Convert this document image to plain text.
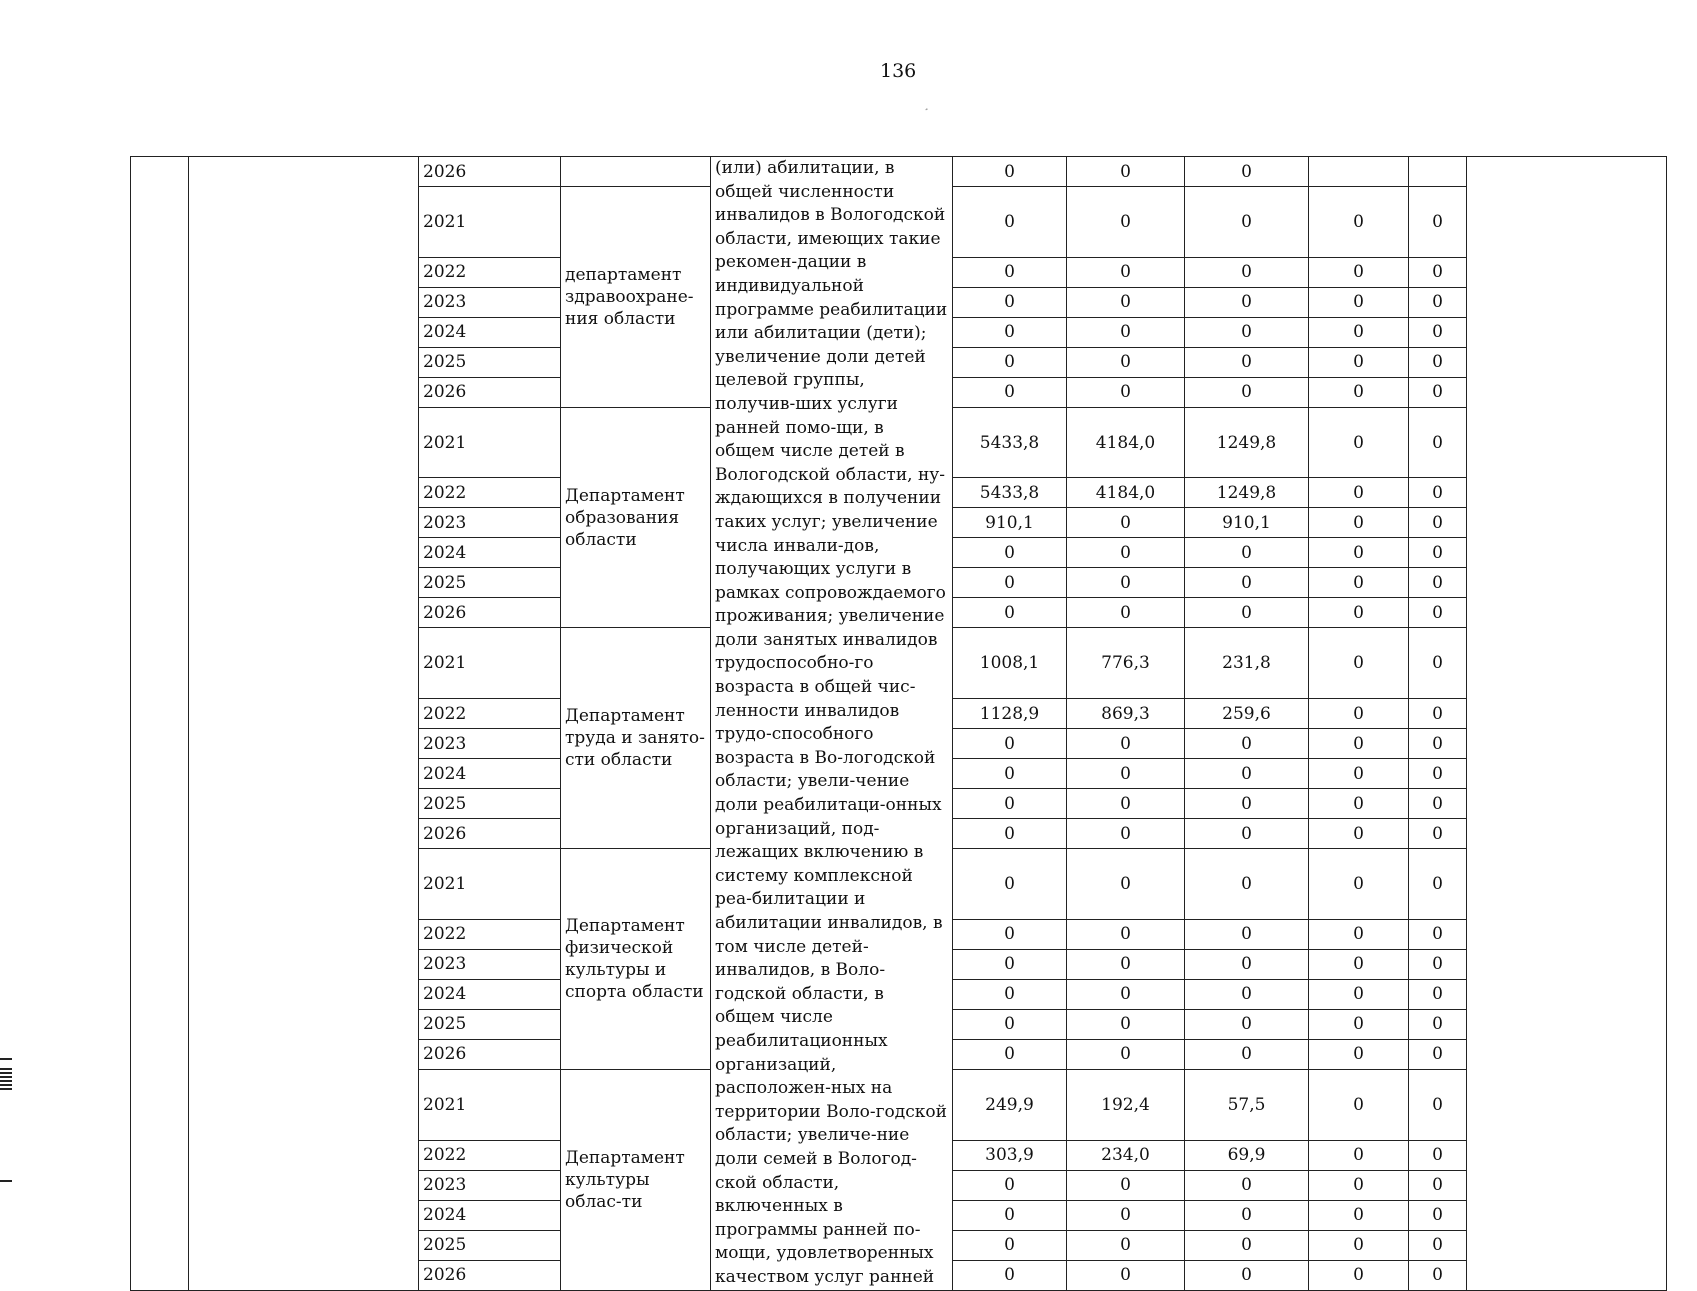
136
¸
		2026		(или) абилитации, в общей численности инвалидов в Вологодской области, имеющих такие рекомен-дации в индивидуальной программе реабилитации или абилитации (дети); увеличение доли детей целевой группы, получив-ших услуги ранней помо-щи, в общем числе детей в Вологодской области, ну-ждающихся в получении таких услуг; увеличение числа инвали-дов, получающих услуги в рамках сопровождаемого проживания; увеличение доли занятых инвалидов трудоспособно-го возраста в общей чис-ленности инвалидов трудо-способного возраста в Во-логодской области; увели-чение доли реабилитаци-онных организаций, под-лежащих включению в систему комплексной реа-билитации и абилитации инвалидов, в том числе детей-инвалидов, в Воло-годской области, в общем числе реабилитационных организаций, расположен-ных на территории Воло-годской области; увеличе-ние доли семей в Вологод-ской области, включенных в программы ранней по-мощи, удовлетворенных качеством услуг ранней	0	0	0			
		2021	департамент здравоохране-ния области		0	0	0	0	0	
		2022			0	0	0	0	0	
		2023			0	0	0	0	0	
		2024			0	0	0	0	0	
		2025			0	0	0	0	0	
		2026			0	0	0	0	0	
		2021	Департамент образования области		5433,8	4184,0	1249,8	0	0	
		2022			5433,8	4184,0	1249,8	0	0	
		2023			910,1	0	910,1	0	0	
		2024			0	0	0	0	0	
		2025			0	0	0	0	0	
		2026			0	0	0	0	0	
		2021	Департамент труда и занято-сти области		1008,1	776,3	231,8	0	0	
		2022			1128,9	869,3	259,6	0	0	
		2023			0	0	0	0	0	
		2024			0	0	0	0	0	
		2025			0	0	0	0	0	
		2026			0	0	0	0	0	
		2021	Департамент физической культуры и спорта области		0	0	0	0	0	
		2022			0	0	0	0	0	
		2023			0	0	0	0	0	
		2024			0	0	0	0	0	
		2025			0	0	0	0	0	
		2026			0	0	0	0	0	
		2021	Департамент культуры облас-ти		249,9	192,4	57,5	0	0	
		2022			303,9	234,0	69,9	0	0	
		2023			0	0	0	0	0	
		2024			0	0	0	0	0	
		2025			0	0	0	0	0	
		2026			0	0	0	0	0	
